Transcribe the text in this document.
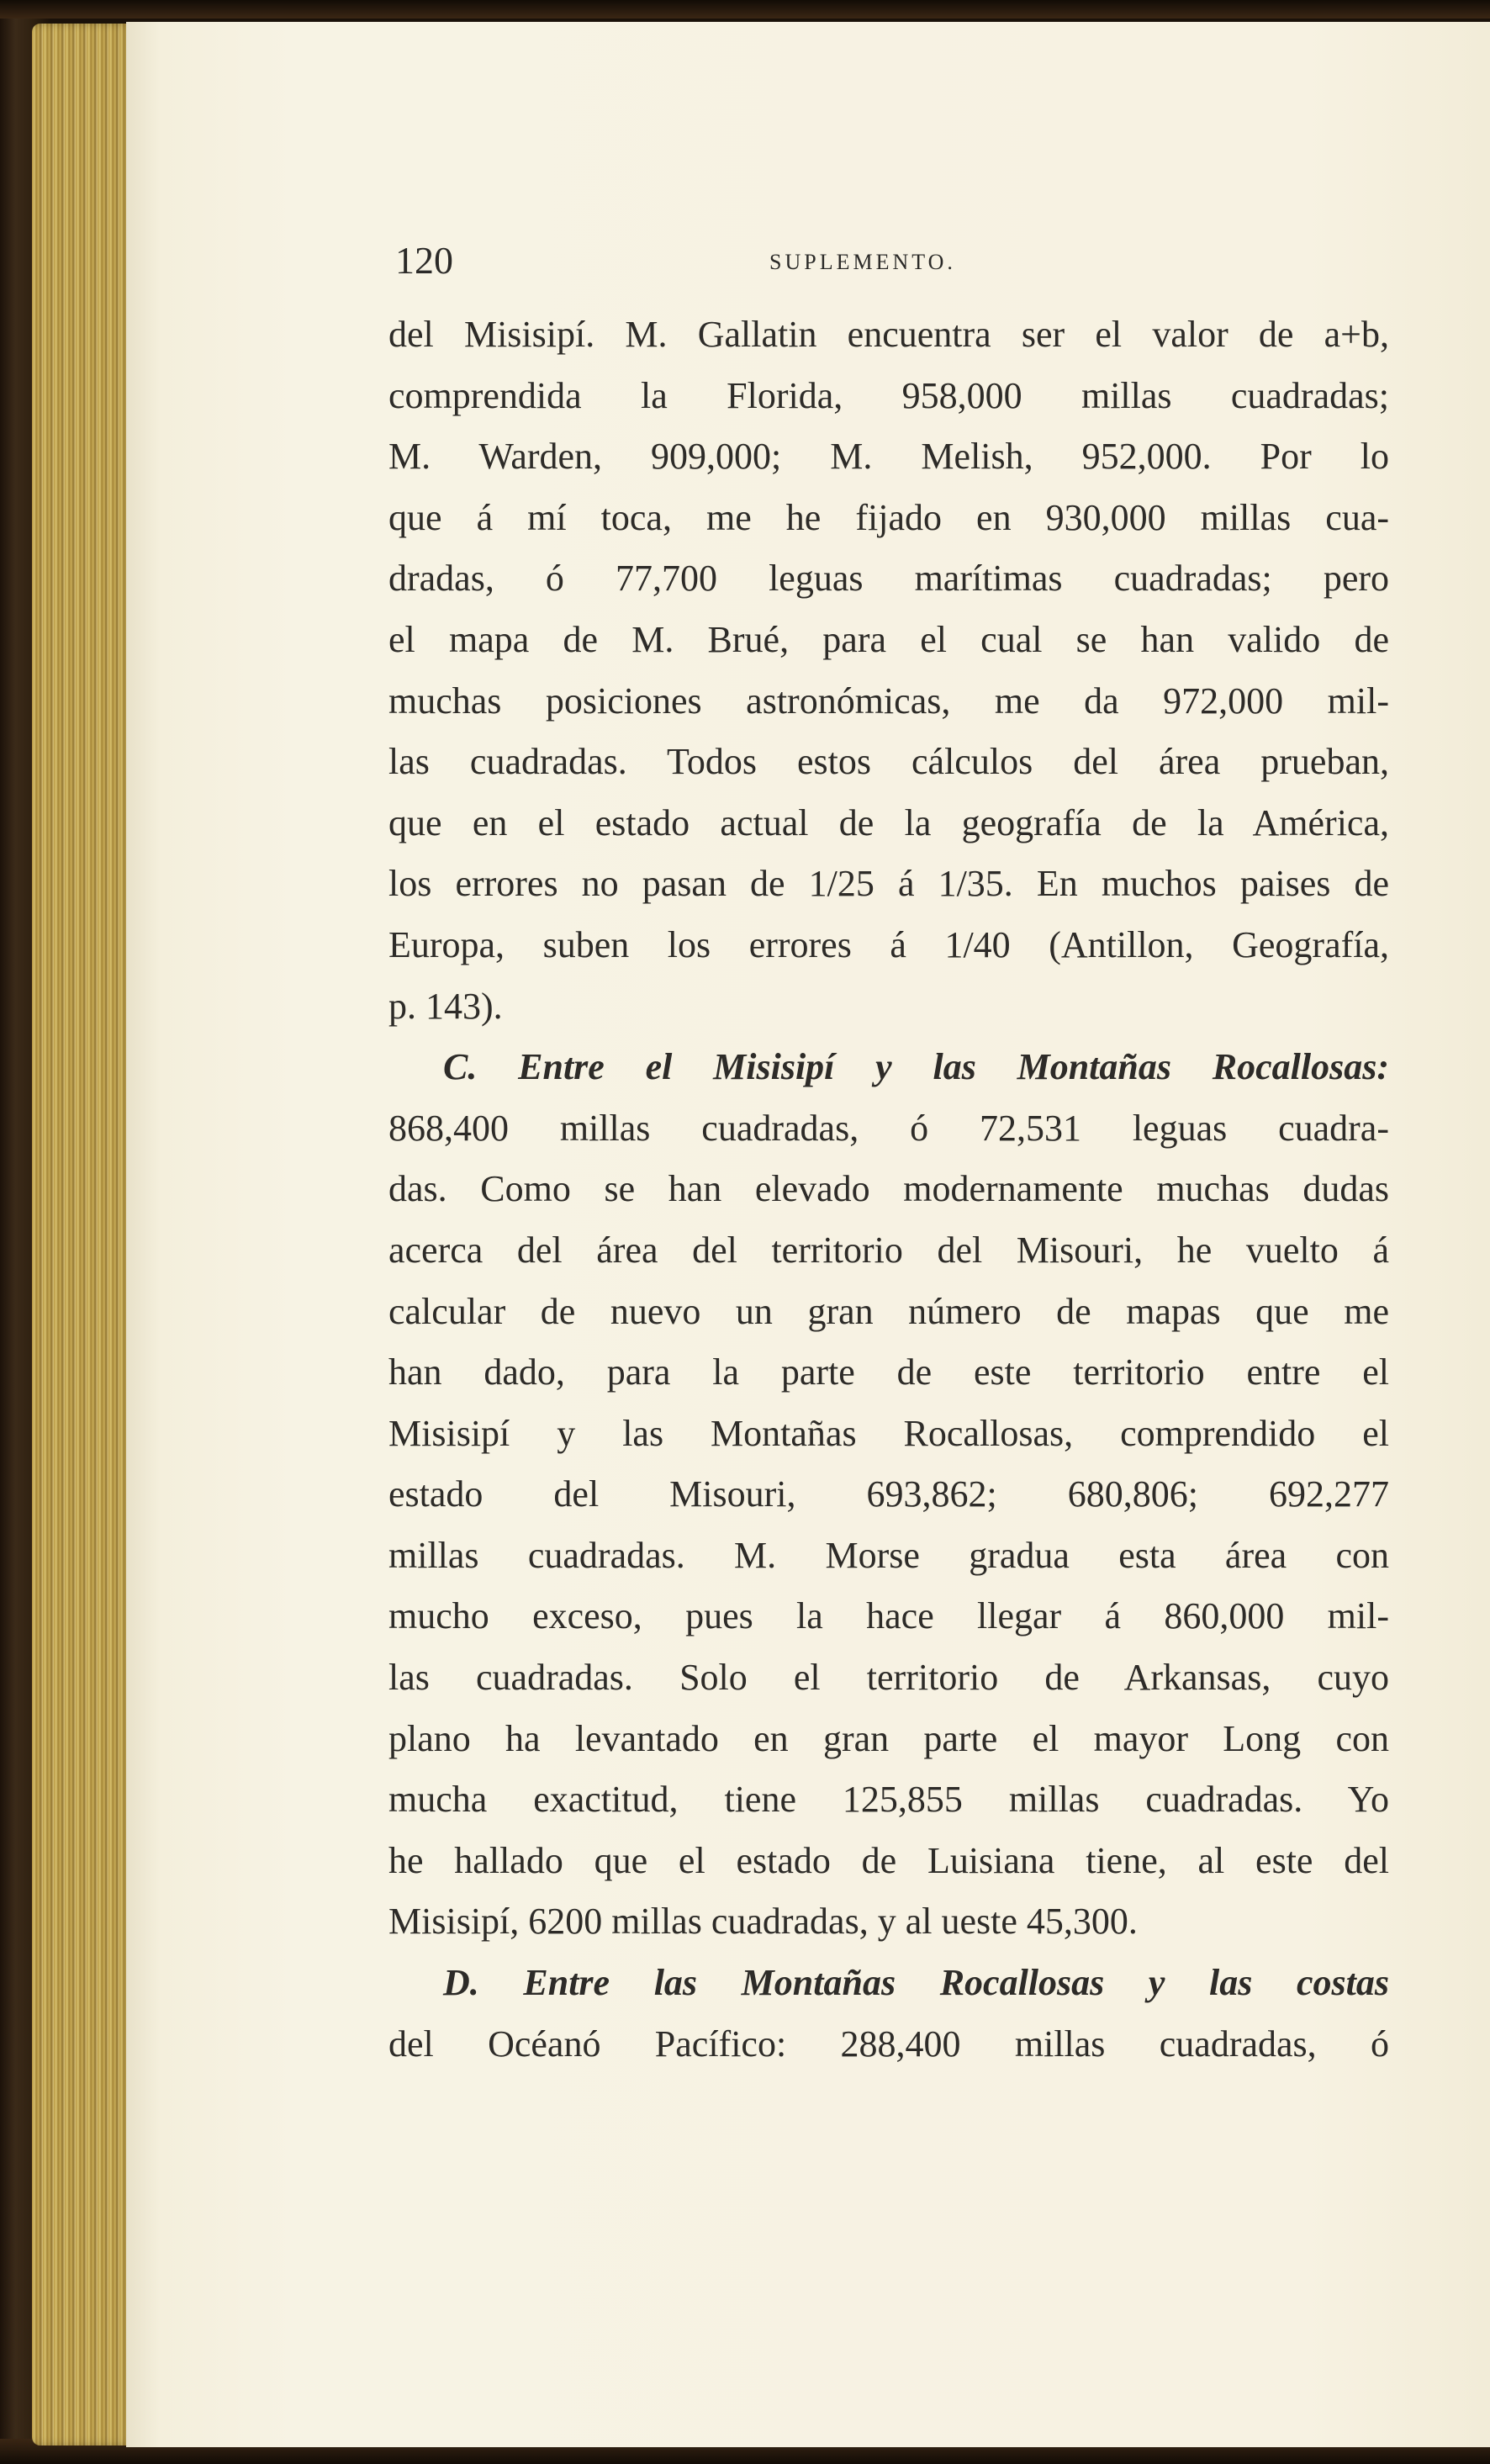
120	SUPLEMENTO.
del Misisipí. M. Gallatin encuentra ser el valor de a+b,
comprendida la Florida, 958,000 millas cuadradas;
M. Warden, 909,000; M. Melish, 952,000. Por lo
que á mí toca, me he fijado en 930,000 millas cua-
dradas, ó 77,700 leguas marítimas cuadradas; pero
el mapa de M. Brué, para el cual se han valido de
muchas posiciones astronómicas, me da 972,000 mil-
las cuadradas. Todos estos cálculos del área prueban,
que en el estado actual de la geografía de la América,
los errores no pasan de 1/25 á 1/35. En muchos paises de
Europa, suben los errores á 1/40 (Antillon, Geografía,
p. 143).
C. Entre el Misisipí y las Montañas Rocallosas:
868,400 millas cuadradas, ó 72,531 leguas cuadra-
das. Como se han elevado modernamente muchas dudas
acerca del área del territorio del Misouri, he vuelto á
calcular de nuevo un gran número de mapas que me
han dado, para la parte de este territorio entre el
Misisipí y las Montañas Rocallosas, comprendido el
estado del Misouri, 693,862; 680,806; 692,277
millas cuadradas. M. Morse gradua esta área con
mucho exceso, pues la hace llegar á 860,000 mil-
las cuadradas. Solo el territorio de Arkansas, cuyo
plano ha levantado en gran parte el mayor Long con
mucha exactitud, tiene 125,855 millas cuadradas. Yo
he hallado que el estado de Luisiana tiene, al este del
Misisipí, 6200 millas cuadradas, y al ueste 45,300.
D. Entre las Montañas Rocallosas y las costas
del Océanó Pacífico: 288,400 millas cuadradas, ó
